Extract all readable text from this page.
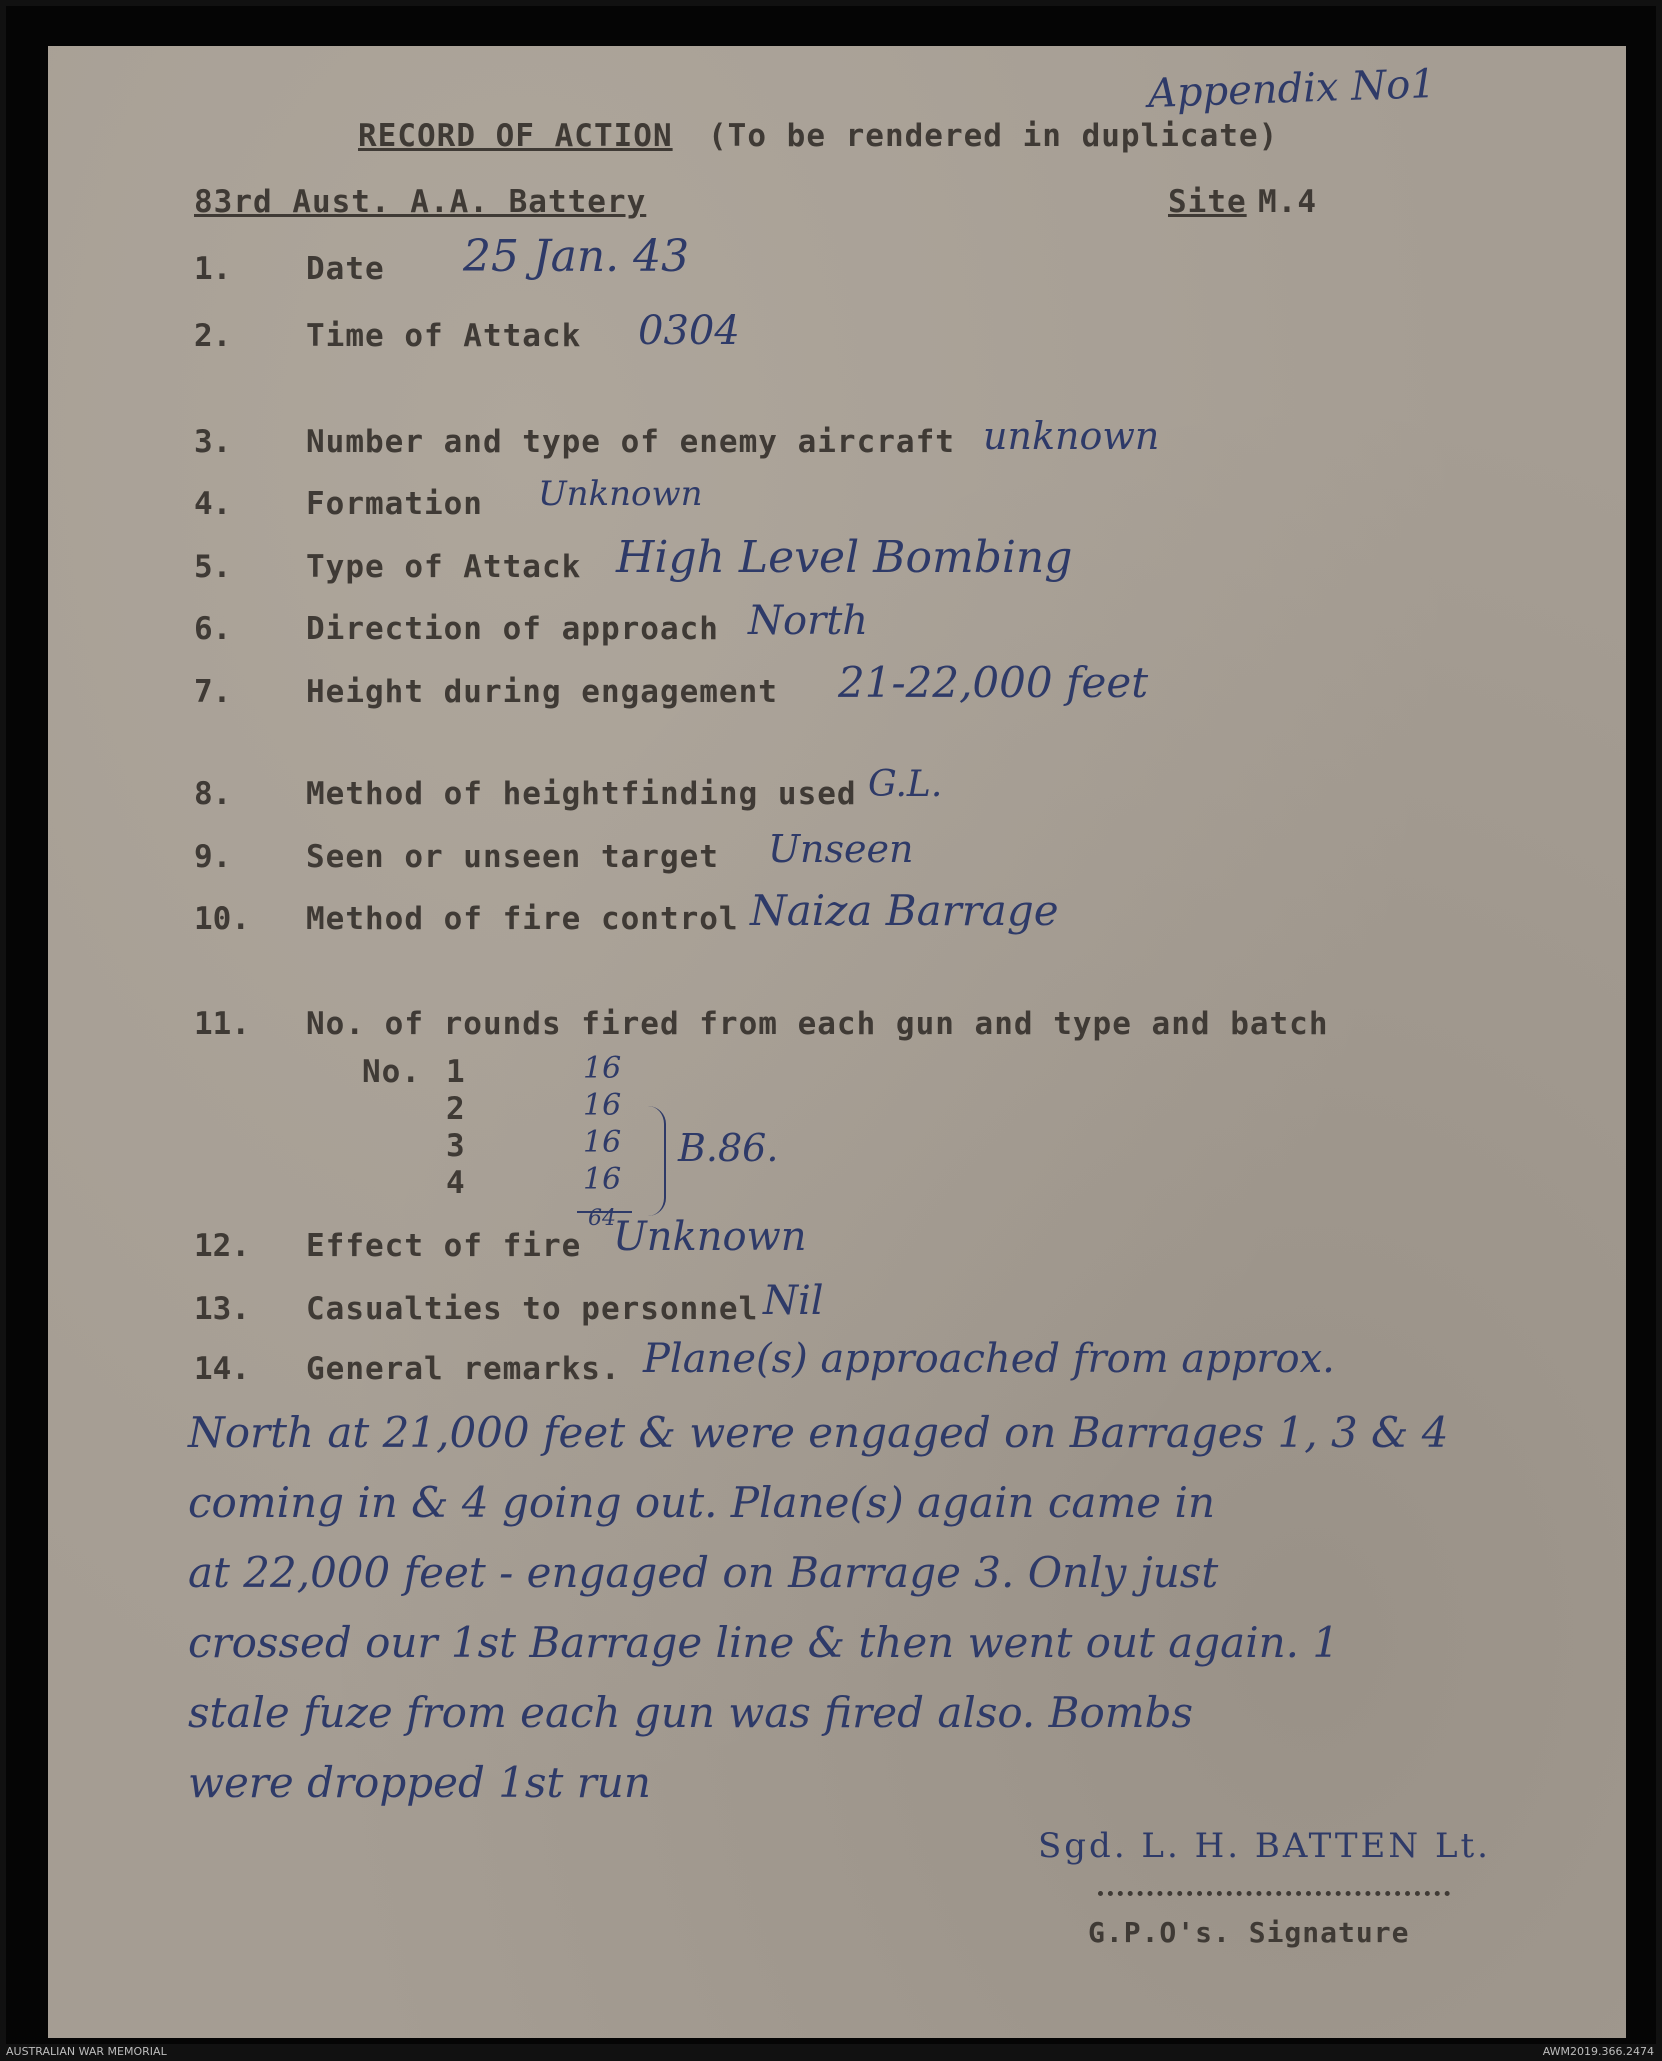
Appendix No1
RECORD OF ACTION (To be rendered in duplicate)
83rd Aust. A.A. Battery	Site M.4
1. Date 25 Jan. 43
2. Time of Attack 0304
3. Number and type of enemy aircraft unknown
4. Formation Unknown
5. Type of Attack High Level Bombing
6. Direction of approach North
7. Height during engagement 21-22,000 feet
8. Method of heightfinding used G.L.
9. Seen or unseen target Unseen
10. Method of fire control Naiza Barrage
11. No. of rounds fired from each gun and type and batch
12. Effect of fire Unknown
13. Casualties to personnel Nil
14. General remarks. Plane(s) approached from approx.
No. 1	16
2	16
3	16
4	16
64
B.86.
North at 21,000 feet & were engaged on Barrages 1, 3 & 4
coming in & 4 going out. Plane(s) again came in
at 22,000 feet - engaged on Barrage 3. Only just
crossed our 1st Barrage line & then went out again. 1
stale fuze from each gun was fired also. Bombs
were dropped 1st run
Sgd. L. H. BATTEN Lt.
G.P.O's. Signature
AUSTRALIAN WAR MEMORIAL	AWM2019.366.2474
